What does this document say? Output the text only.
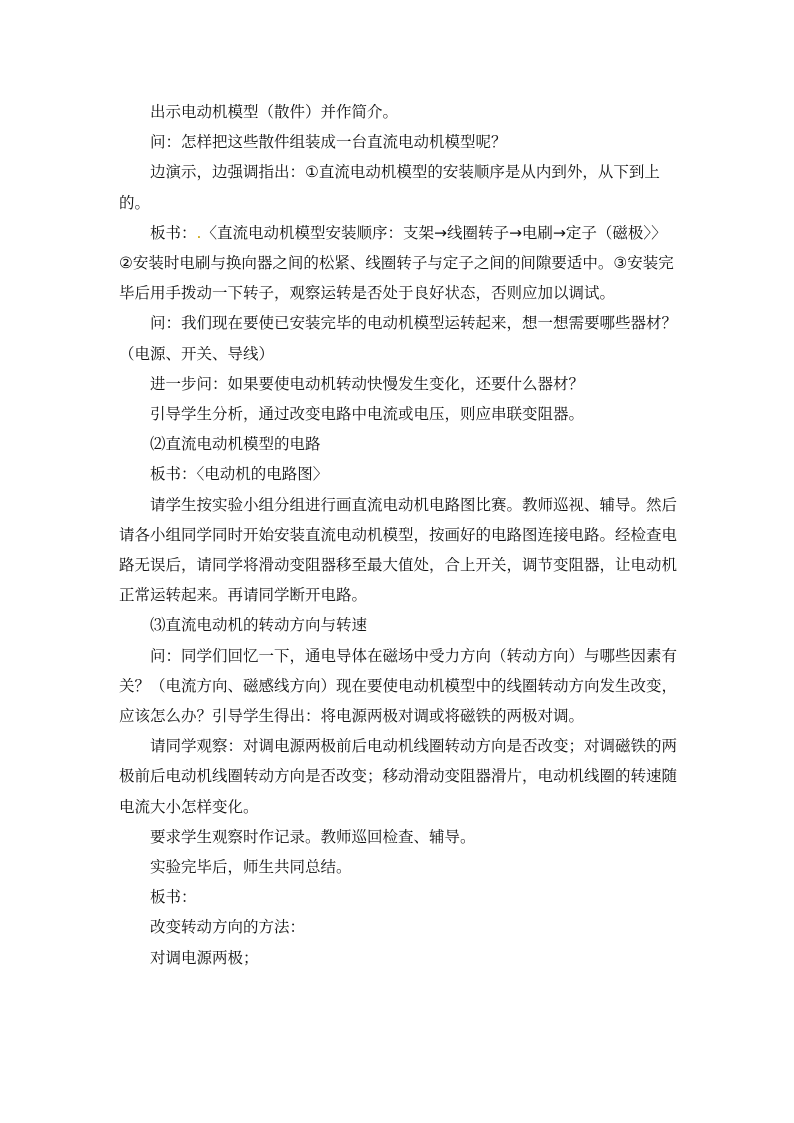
出示电动机模型（散件）并作简介。

问：怎样把这些散件组装成一台直流电动机模型呢？

边演示，边强调指出：①直流电动机模型的安装顺序是从内到外，从下到上的。

板书：.〈直流电动机模型安装顺序：支架→线圈转子→电刷→定子（磁极〉〉②安装时电刷与换向器之间的松紧、线圈转子与定子之间的间隙要适中。③安装完毕后用手拨动一下转子，观察运转是否处于良好状态，否则应加以调试。

问：我们现在要使已安装完毕的电动机模型运转起来，想一想需要哪些器材？

（电源、开关、导线）

进一步问：如果要使电动机转动快慢发生变化，还要什么器材？

引导学生分析，通过改变电路中电流或电压，则应串联变阻器。

⑵直流电动机模型的电路

板书：〈电动机的电路图〉

请学生按实验小组分组进行画直流电动机电路图比赛。教师巡视、辅导。然后请各小组同学同时开始安装直流电动机模型，按画好的电路图连接电路。经检查电路无误后，请同学将滑动变阻器移至最大值处，合上开关，调节变阻器，让电动机正常运转起来。再请同学断开电路。

⑶直流电动机的转动方向与转速

问：同学们回忆一下，通电导体在磁场中受力方向（转动方向）与哪些因素有关？（电流方向、磁感线方向）现在要使电动机模型中的线圈转动方向发生改变，应该怎么办？引导学生得出：将电源两极对调或将磁铁的两极对调。

请同学观察：对调电源两极前后电动机线圈转动方向是否改变；对调磁铁的两极前后电动机线圈转动方向是否改变；移动滑动变阻器滑片，电动机线圈的转速随电流大小怎样变化。

要求学生观察时作记录。教师巡回检查、辅导。

实验完毕后，师生共同总结。

板书：

改变转动方向的方法：

对调电源两极；
